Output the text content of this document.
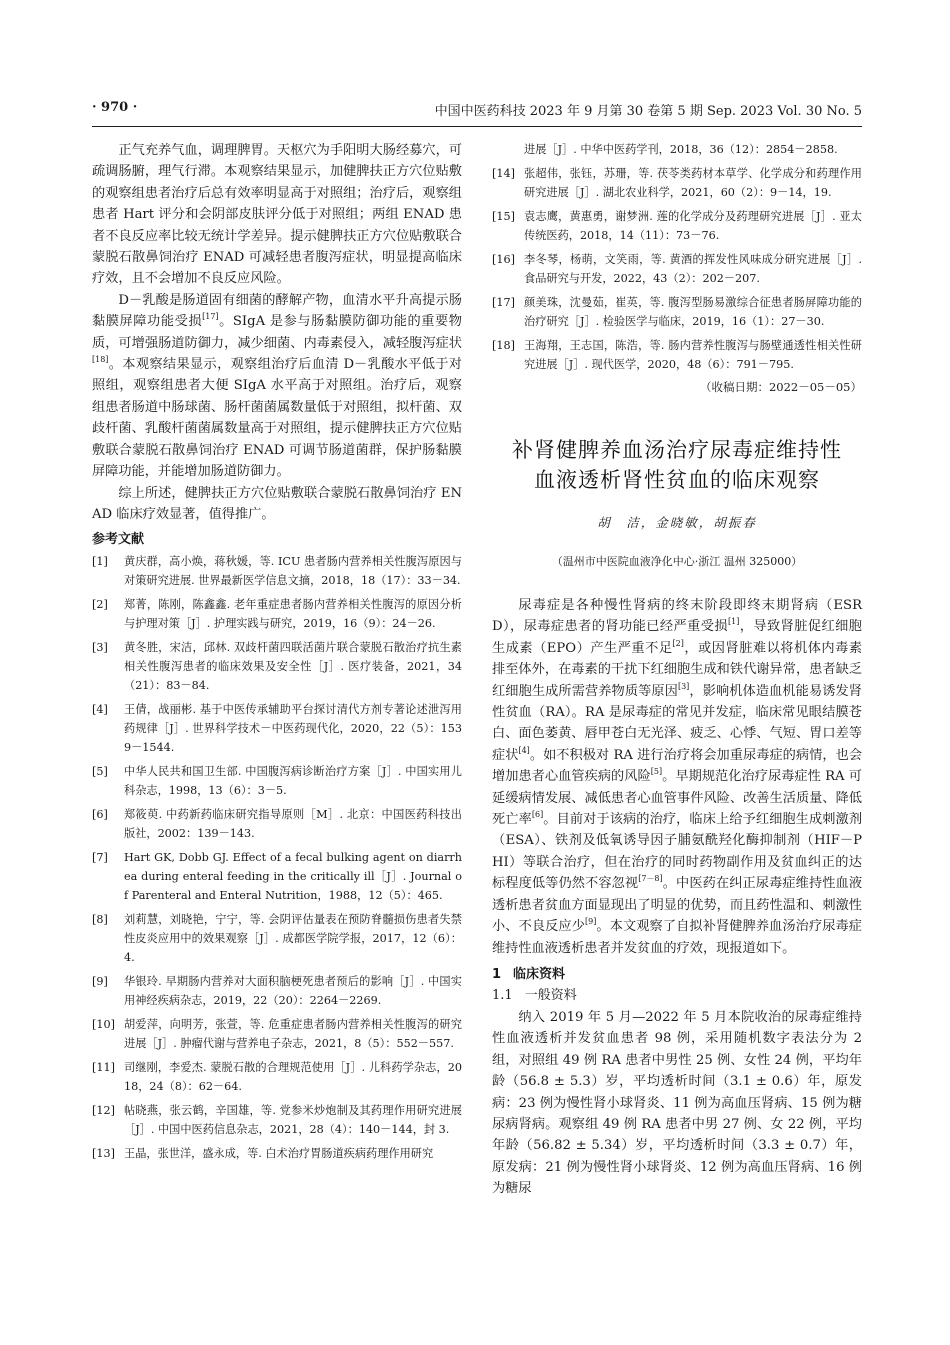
· 970 ·	中国中医药科技 2023 年 9 月第 30 卷第 5 期 Sep. 2023 Vol. 30 No. 5

正气充养气血，调理脾胃。天枢穴为手阳明大肠经募穴，可疏调肠腑，理气行滞。本观察结果显示，加健脾扶正方穴位贴敷的观察组患者治疗后总有效率明显高于对照组；治疗后，观察组患者 Hart 评分和会阴部皮肤评分低于对照组；两组 ENAD 患者不良反应率比较无统计学差异。提示健脾扶正方穴位贴敷联合蒙脱石散鼻饲治疗 ENAD 可减轻患者腹泻症状，明显提高临床疗效，且不会增加不良反应风险。

D－乳酸是肠道固有细菌的酵解产物，血清水平升高提示肠黏膜屏障功能受损[17]。SIgA 是参与肠黏膜防御功能的重要物质，可增强肠道防御力，减少细菌、内毒素侵入，减轻腹泻症状[18]。本观察结果显示，观察组治疗后血清 D－乳酸水平低于对照组，观察组患者大便 SIgA 水平高于对照组。治疗后，观察组患者肠道中肠球菌、肠杆菌菌属数量低于对照组，拟杆菌、双歧杆菌、乳酸杆菌菌属数量高于对照组，提示健脾扶正方穴位贴敷联合蒙脱石散鼻饲治疗 ENAD 可调节肠道菌群，保护肠黏膜屏障功能，并能增加肠道防御力。

综上所述，健脾扶正方穴位贴敷联合蒙脱石散鼻饲治疗 ENAD 临床疗效显著，值得推广。

参考文献
[1] 黄庆群，高小焕，蒋秋媛，等. ICU 患者肠内营养相关性腹泻原因与对策研究进展. 世界最新医学信息文摘，2018，18（17）：33－34.
[2] 郑菁，陈刚，陈鑫鑫. 老年重症患者肠内营养相关性腹泻的原因分析与护理对策［J］. 护理实践与研究，2019，16（9）：24－26.
[3] 黄冬胜，宋洁，邱林. 双歧杆菌四联活菌片联合蒙脱石散治疗抗生素相关性腹泻患者的临床效果及安全性［J］. 医疗装备，2021，34（21）：83－84.
[4] 王倩，战丽彬. 基于中医传承辅助平台探讨清代方剂专著论述泄泻用药规律［J］. 世界科学技术－中医药现代化，2020，22（5）：1539－1544.
[5] 中华人民共和国卫生部. 中国腹泻病诊断治疗方案［J］. 中国实用儿科杂志，1998，13（6）：3－5.
[6] 郑筱萸. 中药新药临床研究指导原则［M］. 北京：中国医药科技出版社，2002：139－143.
[7] Hart GK, Dobb GJ. Effect of a fecal bulking agent on diarrhea during enteral feeding in the critically ill［J］. Journal of Parenteral and Enteral Nutrition，1988，12（5）：465.
[8] 刘莉慧，刘晓艳，宁宁，等. 会阴评估量表在预防脊髓损伤患者失禁性皮炎应用中的效果观察［J］. 成都医学院学报，2017，12（6）：4.
[9] 华银玲. 早期肠内营养对大面积脑梗死患者预后的影响［J］. 中国实用神经疾病杂志，2019，22（20）：2264－2269.
[10] 胡爱萍，向明芳，张萱，等. 危重症患者肠内营养相关性腹泻的研究进展［J］. 肿瘤代谢与营养电子杂志，2021，8（5）：552－557.
[11] 司继刚，李爱杰. 蒙脱石散的合理规范使用［J］. 儿科药学杂志，2018，24（8）：62－64.
[12] 帖晓燕，张云鹤，辛国雄，等. 党参米炒炮制及其药理作用研究进展［J］. 中国中医药信息杂志，2021，28（4）：140－144，封 3.
[13] 王晶，张世洋，盛永成，等. 白术治疗胃肠道疾病药理作用研究
进展［J］. 中华中医药学刊，2018，36（12）：2854－2858.
[14] 张超伟，张钰，苏珊，等. 茯苓类药材本草学、化学成分和药理作用研究进展［J］. 湖北农业科学，2021，60（2）：9－14，19.
[15] 袁志鹰，黄惠勇，谢梦洲. 莲的化学成分及药理研究进展［J］. 亚太传统医药，2018，14（11）：73－76.
[16] 李冬琴，杨萌，文笑雨，等. 黄酒的挥发性风味成分研究进展［J］. 食品研究与开发，2022，43（2）：202－207.
[17] 颜美珠，沈曼茹，崔英，等. 腹泻型肠易激综合征患者肠屏障功能的治疗研究［J］. 检验医学与临床，2019，16（1）：27－30.
[18] 王海翔，王志国，陈浩，等. 肠内营养性腹泻与肠壁通透性相关性研究进展［J］. 现代医学，2020，48（6）：791－795.
（收稿日期：2022－05－05）
补肾健脾养血汤治疗尿毒症维持性
血液透析肾性贫血的临床观察
胡　洁，金晓敏，胡振春
（温州市中医院血液净化中心·浙江 温州 325000）

尿毒症是各种慢性肾病的终末阶段即终末期肾病（ESRD），尿毒症患者的肾功能已经严重受损[1]，导致肾脏促红细胞生成素（EPO）产生严重不足[2]，或因肾脏难以将机体内毒素排至体外，在毒素的干扰下红细胞生成和铁代谢异常，患者缺乏红细胞生成所需营养物质等原因[3]，影响机体造血机能易诱发肾性贫血（RA）。RA 是尿毒症的常见并发症，临床常见眼结膜苍白、面色萎黄、唇甲苍白无光泽、疲乏、心悸、气短、胃口差等症状[4]。如不积极对 RA 进行治疗将会加重尿毒症的病情，也会增加患者心血管疾病的风险[5]。早期规范化治疗尿毒症性 RA 可延缓病情发展、减低患者心血管事件风险、改善生活质量、降低死亡率[6]。目前对于该病的治疗，临床上给予红细胞生成刺激剂（ESA）、铁剂及低氧诱导因子脯氨酰羟化酶抑制剂（HIF－PHI）等联合治疗，但在治疗的同时药物副作用及贫血纠正的达标程度低等仍然不容忽视[7－8]。中医药在纠正尿毒症维持性血液透析患者贫血方面显现出了明显的优势，而且药性温和、刺激性小、不良反应少[9]。本文观察了自拟补肾健脾养血汤治疗尿毒症维持性血液透析患者并发贫血的疗效，现报道如下。

1 临床资料
1.1 一般资料

纳入 2019 年 5 月—2022 年 5 月本院收治的尿毒症维持性血液透析并发贫血患者 98 例，采用随机数字表法分为 2 组，对照组 49 例 RA 患者中男性 25 例、女性 24 例，平均年龄（56.8 ± 5.3）岁，平均透析时间（3.1 ± 0.6）年，原发病：23 例为慢性肾小球肾炎、11 例为高血压肾病、15 例为糖尿病肾病。观察组 49 例 RA 患者中男 27 例、女 22 例，平均年龄（56.82 ± 5.34）岁，平均透析时间（3.3 ± 0.7）年，原发病：21 例为慢性肾小球肾炎、12 例为高血压肾病、16 例为糖尿
